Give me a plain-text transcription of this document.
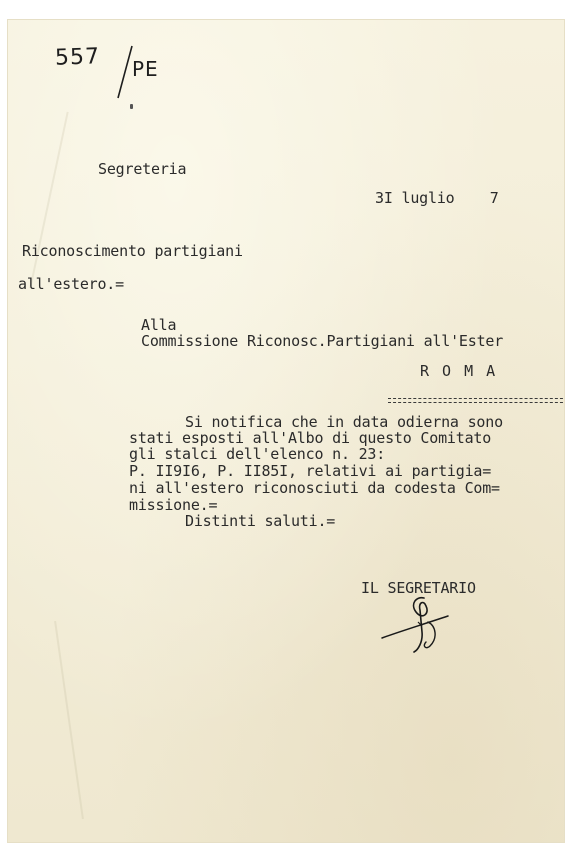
557 PE
Segreteria
3I luglio    7
Riconoscimento partigiani
all'estero.=
Alla
Commissione Riconosc.Partigiani all'Ester
R O M A
Si notifica che in data odierna sono
stati esposti all'Albo di questo Comitato
gli stalci dell'elenco n. 23:
P. II9I6, P. II85I, relativi ai partigia=
ni all'estero riconosciuti da codesta Com=
missione.=
Distinti saluti.=
IL SEGRETARIO
